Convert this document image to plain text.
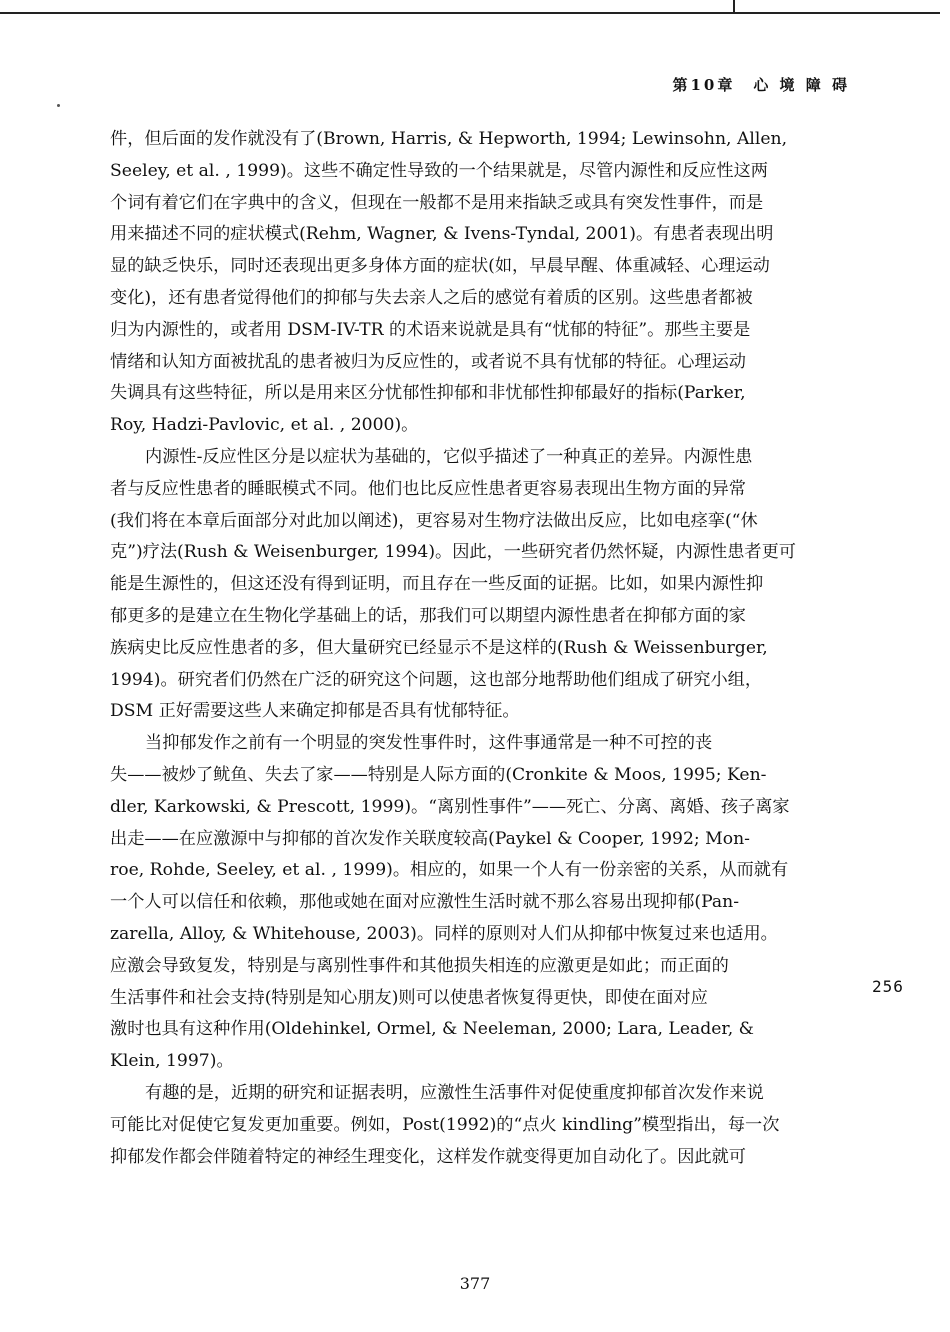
第10章　心 境 障 碍
件，但后面的发作就没有了(Brown, Harris, & Hepworth, 1994; Lewinsohn, Allen,
Seeley, et al. , 1999)。这些不确定性导致的一个结果就是，尽管内源性和反应性这两
个词有着它们在字典中的含义，但现在一般都不是用来指缺乏或具有突发性事件，而是
用来描述不同的症状模式(Rehm, Wagner, & Ivens-Tyndal, 2001)。有患者表现出明
显的缺乏快乐，同时还表现出更多身体方面的症状(如，早晨早醒、体重减轻、心理运动
变化)，还有患者觉得他们的抑郁与失去亲人之后的感觉有着质的区别。这些患者都被
归为内源性的，或者用 DSM-IV-TR 的术语来说就是具有“忧郁的特征”。那些主要是
情绪和认知方面被扰乱的患者被归为反应性的，或者说不具有忧郁的特征。心理运动
失调具有这些特征，所以是用来区分忧郁性抑郁和非忧郁性抑郁最好的指标(Parker,
Roy, Hadzi-Pavlovic, et al. , 2000)。
内源性-反应性区分是以症状为基础的，它似乎描述了一种真正的差异。内源性患
者与反应性患者的睡眠模式不同。他们也比反应性患者更容易表现出生物方面的异常
(我们将在本章后面部分对此加以阐述)，更容易对生物疗法做出反应，比如电痉挛(“休
克”)疗法(Rush & Weisenburger, 1994)。因此，一些研究者仍然怀疑，内源性患者更可
能是生源性的，但这还没有得到证明，而且存在一些反面的证据。比如，如果内源性抑
郁更多的是建立在生物化学基础上的话，那我们可以期望内源性患者在抑郁方面的家
族病史比反应性患者的多，但大量研究已经显示不是这样的(Rush & Weissenburger,
1994)。研究者们仍然在广泛的研究这个问题，这也部分地帮助他们组成了研究小组，
DSM 正好需要这些人来确定抑郁是否具有忧郁特征。
当抑郁发作之前有一个明显的突发性事件时，这件事通常是一种不可控的丧
失——被炒了鱿鱼、失去了家——特别是人际方面的(Cronkite & Moos, 1995; Ken-
dler, Karkowski, & Prescott, 1999)。“离别性事件”——死亡、分离、离婚、孩子离家
出走——在应激源中与抑郁的首次发作关联度较高(Paykel & Cooper, 1992; Mon-
roe, Rohde, Seeley, et al. , 1999)。相应的，如果一个人有一份亲密的关系，从而就有
一个人可以信任和依赖，那他或她在面对应激性生活时就不那么容易出现抑郁(Pan-
zarella, Alloy, & Whitehouse, 2003)。同样的原则对人们从抑郁中恢复过来也适用。
应激会导致复发，特别是与离别性事件和其他损失相连的应激更是如此；而正面的
生活事件和社会支持(特别是知心朋友)则可以使患者恢复得更快，即使在面对应
激时也具有这种作用(Oldehinkel, Ormel, & Neeleman, 2000; Lara, Leader, &
Klein, 1997)。
有趣的是，近期的研究和证据表明，应激性生活事件对促使重度抑郁首次发作来说
可能比对促使它复发更加重要。例如，Post(1992)的“点火 kindling”模型指出，每一次
抑郁发作都会伴随着特定的神经生理变化，这样发作就变得更加自动化了。因此就可
256
377
